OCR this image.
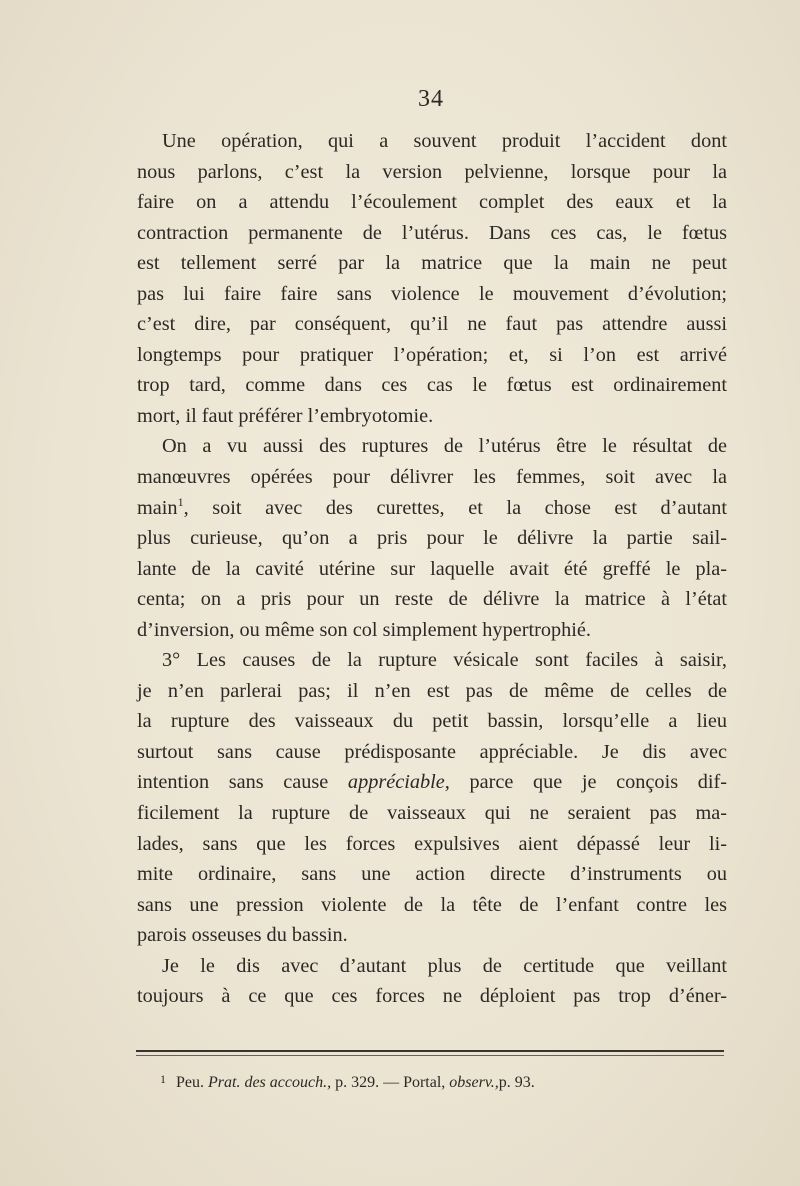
34
Une opération, qui a souvent produit l’accident dont
nous parlons, c’est la version pelvienne, lorsque pour la
faire on a attendu l’écoulement complet des eaux et la
contraction permanente de l’utérus. Dans ces cas, le fœtus
est tellement serré par la matrice que la main ne peut
pas lui faire faire sans violence le mouvement d’évolution;
c’est dire, par conséquent, qu’il ne faut pas attendre aussi
longtemps pour pratiquer l’opération; et, si l’on est arrivé
trop tard, comme dans ces cas le fœtus est ordinairement
mort, il faut préférer l’embryotomie.
On a vu aussi des ruptures de l’utérus être le résultat de
manœuvres opérées pour délivrer les femmes, soit avec la
main$^1$, soit avec des curettes, et la chose est d’autant
plus curieuse, qu’on a pris pour le délivre la partie sail-
lante de la cavité utérine sur laquelle avait été greffé le pla-
centa; on a pris pour un reste de délivre la matrice à l’état
d’inversion, ou même son col simplement hypertrophié.
3° Les causes de la rupture vésicale sont faciles à saisir,
je n’en parlerai pas; il n’en est pas de même de celles de
la rupture des vaisseaux du petit bassin, lorsqu’elle a lieu
surtout sans cause prédisposante appréciable. Je dis avec
intention sans cause appréciable, parce que je conçois dif-
ficilement la rupture de vaisseaux qui ne seraient pas ma-
lades, sans que les forces expulsives aient dépassé leur li-
mite ordinaire, sans une action directe d’instruments ou
sans une pression violente de la tête de l’enfant contre les
parois osseuses du bassin.
Je le dis avec d’autant plus de certitude que veillant
toujours à ce que ces forces ne déploient pas trop d’éner-
$^1$ Peu. Prat. des accouch., p. 329. — Portal, observ.,p. 93.
